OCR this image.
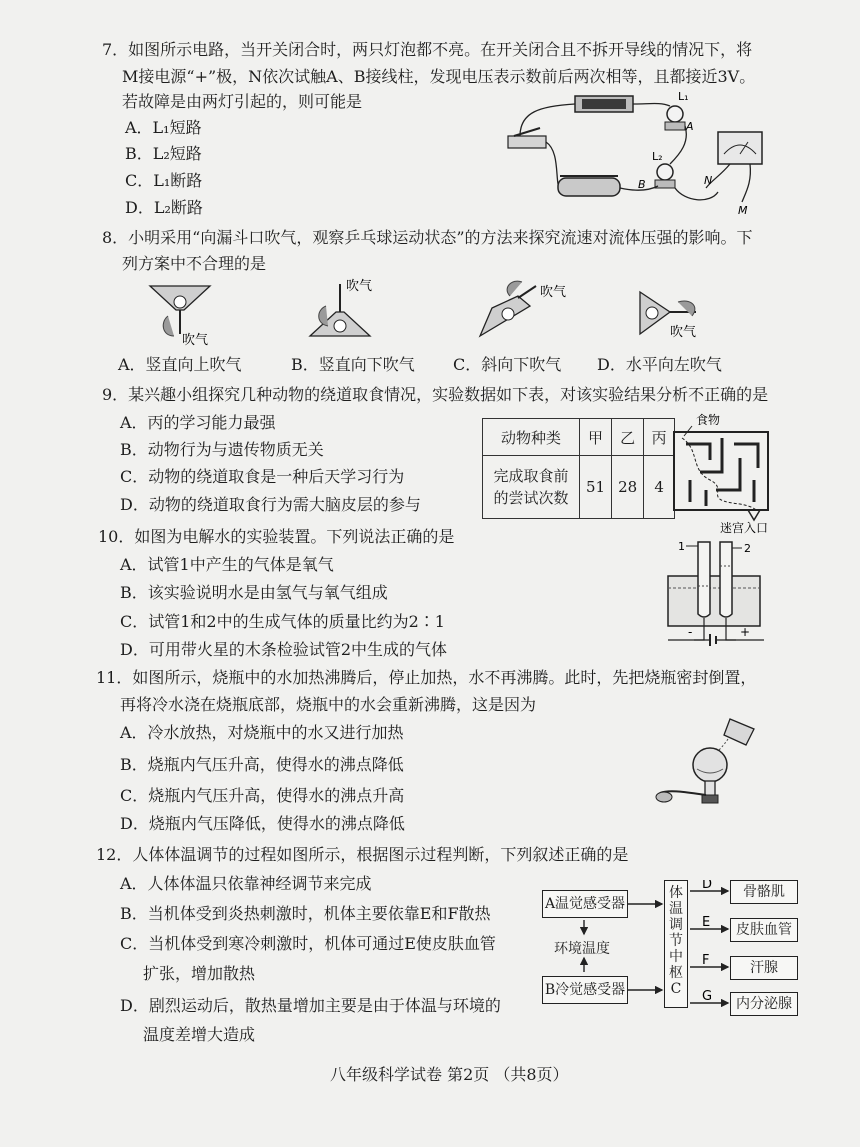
7．如图所示电路，当开关闭合时，两只灯泡都不亮。在开关闭合且不拆开导线的情况下，将
M接电源“+”极，N依次试触A、B接线柱，发现电压表示数前后两次相等，且都接近3V。
若故障是由两灯引起的，则可能是
A．L₁短路
B．L₂短路
C．L₁断路
D．L₂断路
L₁
A
L₂
B	N
M
8．小明采用“向漏斗口吹气，观察乒乓球运动状态”的方法来探究流速对流体压强的影响。下
列方案中不合理的是
吹气
吹气	吹气
吹气
A．竖直向上吹气	B．竖直向下吹气 C．斜向下吹气 D．水平向左吹气
9．某兴趣小组探究几种动物的绕道取食情况，实验数据如下表，对该实验结果分析不正确的是
A．丙的学习能力最强
B．动物行为与遗传物质无关
C．动物的绕道取食是一种后天学习行为
D．动物的绕道取食行为需大脑皮层的参与
动物种类	甲	乙	丙

完成取食前
的尝试次数	51	28	4
食物
迷宫入口
10．如图为电解水的实验装置。下列说法正确的是
A．试管1中产生的气体是氧气
B．该实验说明水是由氢气与氧气组成
C．试管1和2中的生成气体的质量比约为2∶1
D．可用带火星的木条检验试管2中生成的气体
1	2
-	+
11．如图所示，烧瓶中的水加热沸腾后，停止加热，水不再沸腾。此时，先把烧瓶密封倒置，
再将冷水浇在烧瓶底部，烧瓶中的水会重新沸腾，这是因为
A．冷水放热，对烧瓶中的水又进行加热
B．烧瓶内气压升高，使得水的沸点降低
C．烧瓶内气压升高，使得水的沸点升高
D．烧瓶内气压降低，使得水的沸点降低
12．人体体温调节的过程如图所示，根据图示过程判断，下列叙述正确的是
A．人体体温只依靠神经调节来完成
B．当机体受到炎热刺激时，机体主要依靠E和F散热
C．当机体受到寒冷刺激时，机体可通过E使皮肤血管
扩张，增加散热
D．剧烈运动后，散热量增加主要是由于体温与环境的
温度差增大造成
A温觉感受器
B冷觉感受器
环境温度
体
温
调
节
中
枢
C
骨骼肌
皮肤血管
汗腺
内分泌腺
D
E
F
G
八年级科学试卷 第2页 （共8页）
